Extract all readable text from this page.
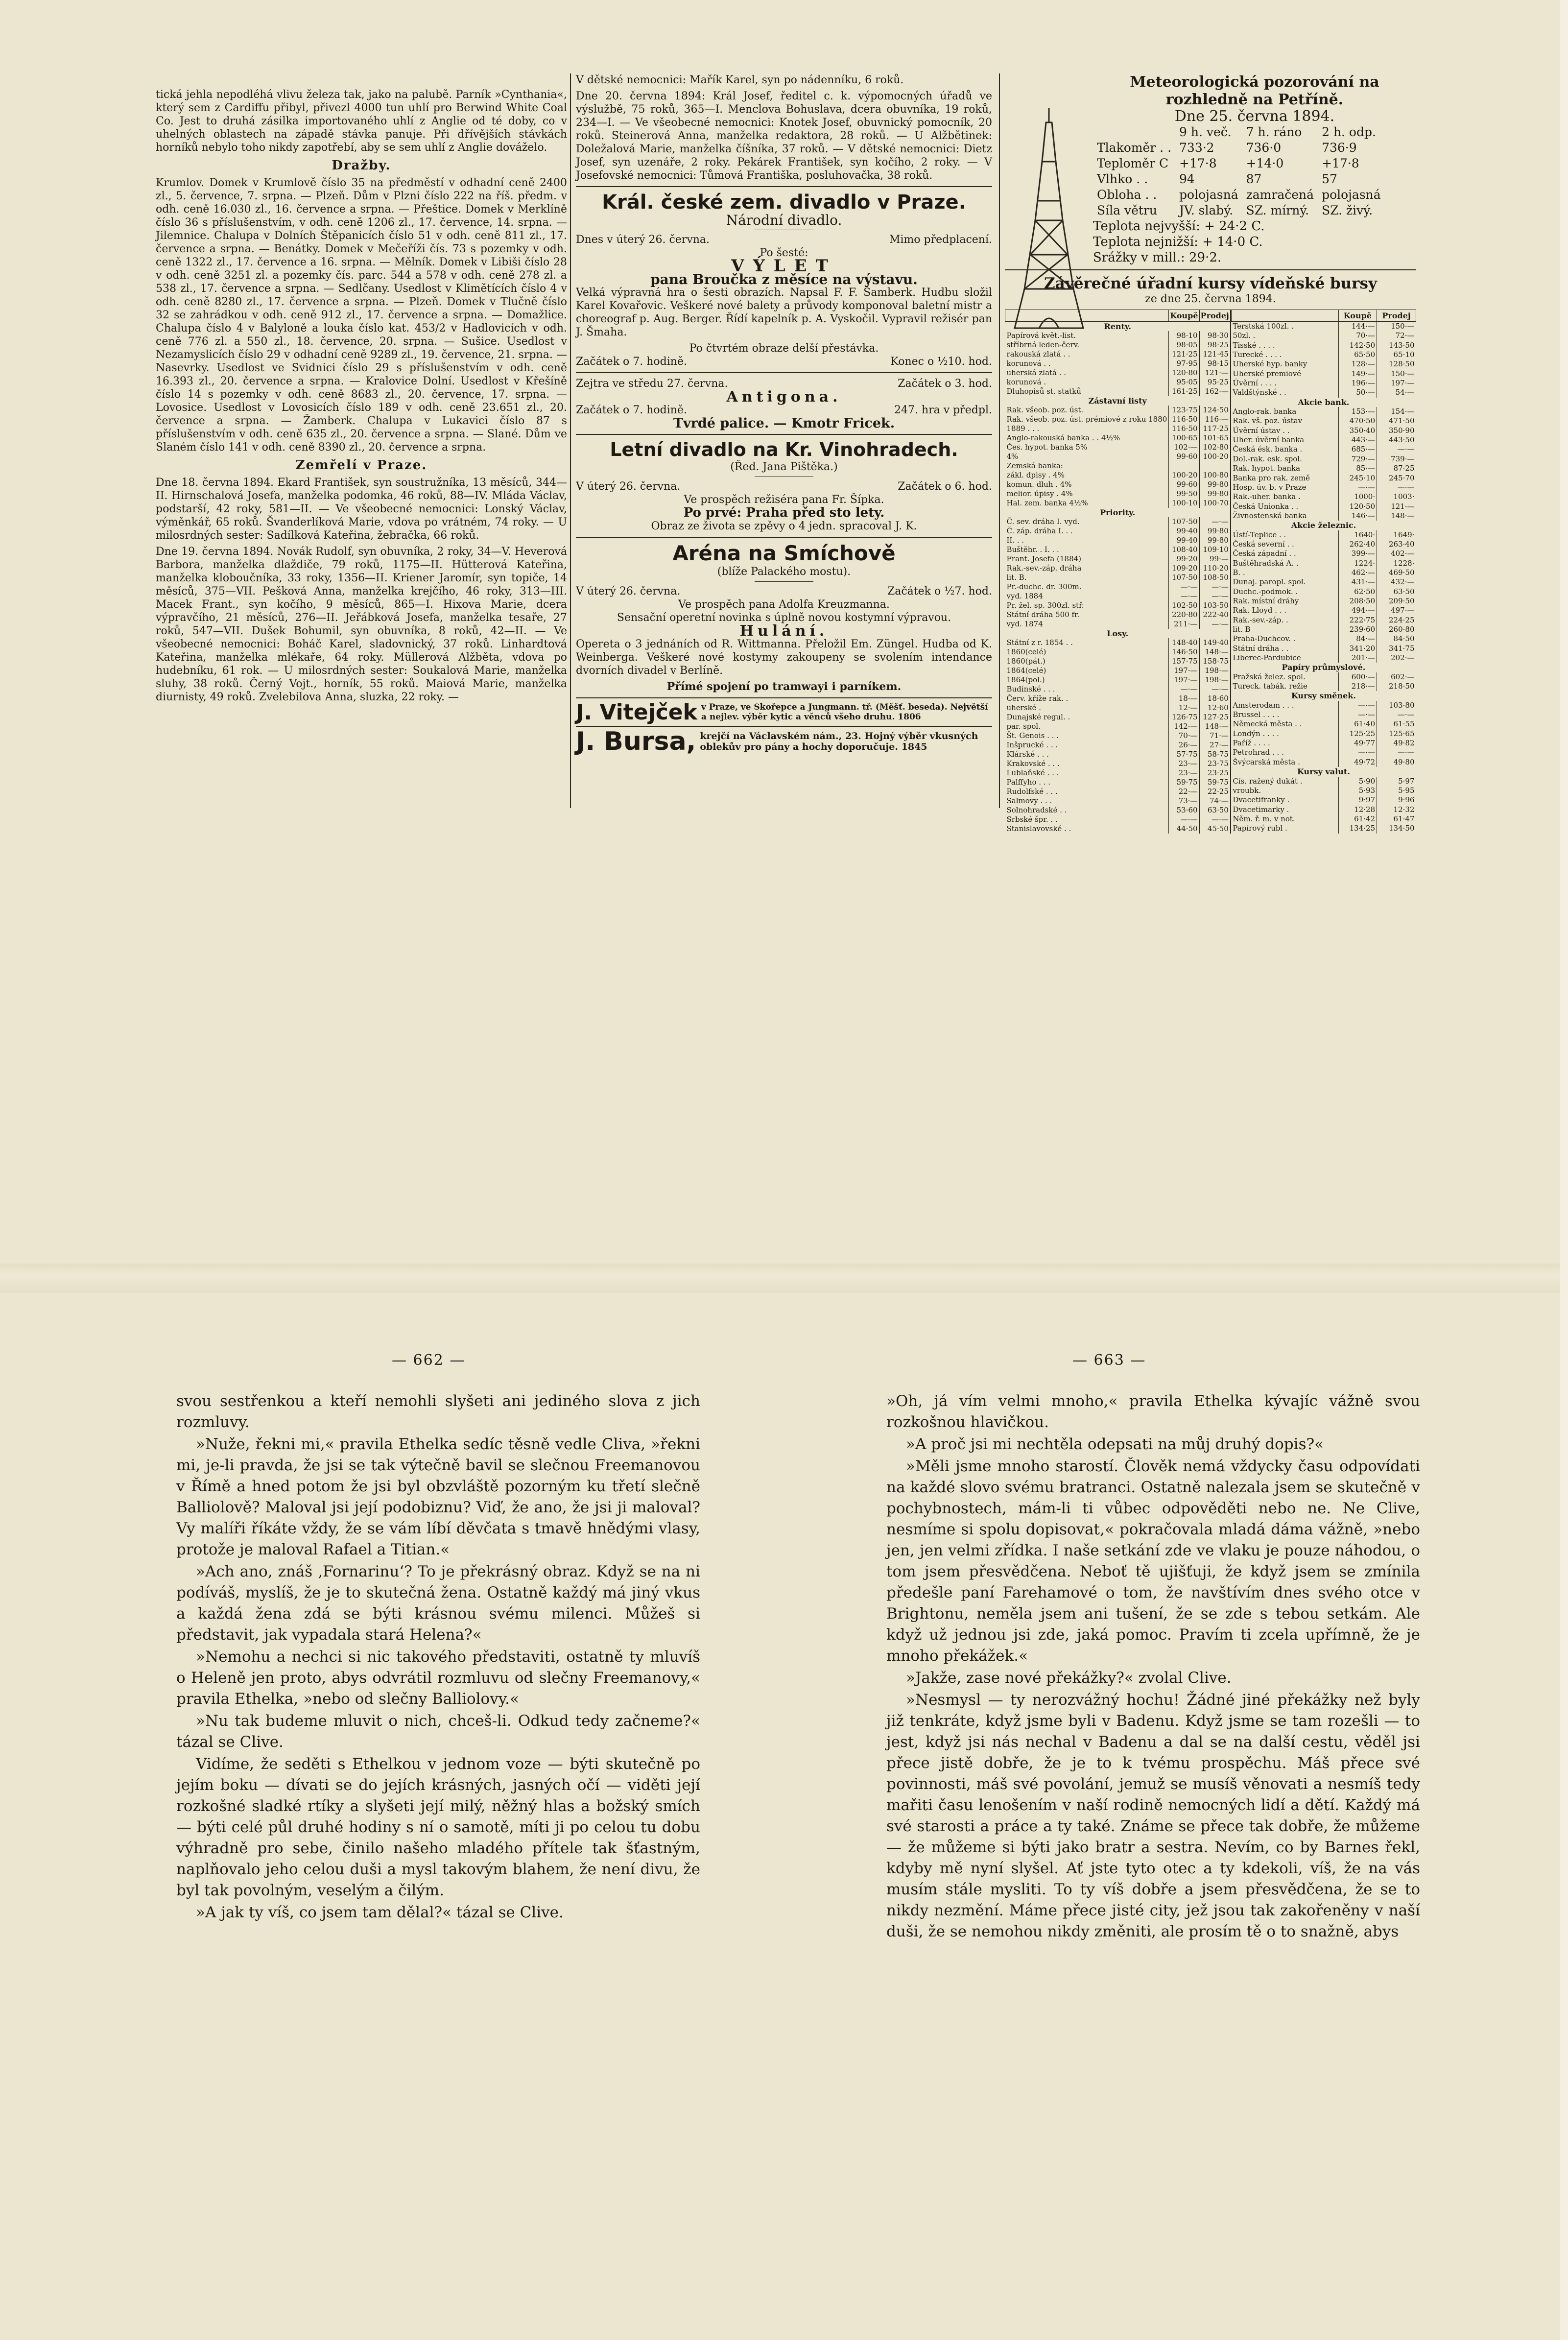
tická jehla nepodléhá vlivu železa tak, jako na palubě. Parník »Cynthania«, který sem z Cardiffu přibyl, přivezl 4000 tun uhlí pro Berwind White Coal Co. Jest to druhá zásilka importovaného uhlí z Anglie od té doby, co v uhelných oblastech na západě stávka panuje. Při dřívějších stávkách horníků nebylo toho nikdy zapotřebí, aby se sem uhlí z Anglie dováželo.

Dražby.

Krumlov. Domek v Krumlově číslo 35 na předměstí v odhadní ceně 2400 zl., 5. července, 7. srpna. — Plzeň. Dům v Plzni číslo 222 na říš. předm. v odh. ceně 16.030 zl., 16. července a srpna. — Přeštice. Domek v Merklíně číslo 36 s příslušenstvím, v odh. ceně 1206 zl., 17. července, 14. srpna. — Jilemnice. Chalupa v Dolních Štěpanicích číslo 51 v odh. ceně 811 zl., 17. července a srpna. — Benátky. Domek v Mečeříži čís. 73 s pozemky v odh. ceně 1322 zl., 17. července a 16. srpna. — Mělník. Domek v Libiši číslo 28 v odh. ceně 3251 zl. a pozemky čís. parc. 544 a 578 v odh. ceně 278 zl. a 538 zl., 17. července a srpna. — Sedlčany. Usedlost v Klimětících číslo 4 v odh. ceně 8280 zl., 17. července a srpna. — Plzeň. Domek v Tlučně číslo 32 se zahrádkou v odh. ceně 912 zl., 17. července a srpna. — Domažlice. Chalupa číslo 4 v Balyloně a louka číslo kat. 453/2 v Hadlovicích v odh. ceně 776 zl. a 550 zl., 18. července, 20. srpna. — Sušice. Usedlost v Nezamyslicích číslo 29 v odhadní ceně 9289 zl., 19. července, 21. srpna. — Nasevrky. Usedlost ve Svidnici číslo 29 s příslušenstvím v odh. ceně 16.393 zl., 20. července a srpna. — Kralovice Dolní. Usedlost v Křešíně číslo 14 s pozemky v odh. ceně 8683 zl., 20. července, 17. srpna. — Lovosice. Usedlost v Lovosicích číslo 189 v odh. ceně 23.651 zl., 20. července a srpna. — Žamberk. Chalupa v Lukavici číslo 87 s příslušenstvím v odh. ceně 635 zl., 20. července a srpna. — Slané. Dům ve Slaném číslo 141 v odh. ceně 8390 zl., 20. července a srpna.

Zemřelí v Praze.

Dne 18. června 1894. Ekard František, syn soustružníka, 13 měsíců, 344—II. Hirnschalová Josefa, manželka podomka, 46 roků, 88—IV. Mláda Václav, podstarší, 42 roky, 581—II. — Ve všeobecné nemocnici: Lonský Václav, výměnkář, 65 roků. Švanderlíková Marie, vdova po vrátném, 74 roky. — U milosrdných sester: Sadílková Kateřina, žebračka, 66 roků.

Dne 19. června 1894. Novák Rudolf, syn obuvníka, 2 roky, 34—V. Heverová Barbora, manželka dlaždiče, 79 roků, 1175—II. Hütterová Kateřina, manželka kloboučníka, 33 roky, 1356—II. Kriener Jaromír, syn topiče, 14 měsíců, 375—VII. Pešková Anna, manželka krejčího, 46 roky, 313—III. Macek Frant., syn kočího, 9 měsíců, 865—I. Hixova Marie, dcera výpravčího, 21 měsíců, 276—II. Jeřábková Josefa, manželka tesaře, 27 roků, 547—VII. Dušek Bohumil, syn obuvníka, 8 roků, 42—II. — Ve všeobecné nemocnici: Boháč Karel, sladovnický, 37 roků. Linhardtová Kateřina, manželka mlékaře, 64 roky. Müllerová Alžběta, vdova po hudebníku, 61 rok. — U milosrdných sester: Soukalová Marie, manželka sluhy, 38 roků. Černý Vojt., horník, 55 roků. Maiová Marie, manželka diurnisty, 49 roků. Zvelebilova Anna, sluzka, 22 roky. —

V dětské nemocnici: Mařík Karel, syn po nádenníku, 6 roků.

Dne 20. června 1894: Král Josef, ředitel c. k. výpomocných úřadů ve výslužbě, 75 roků, 365—I. Menclova Bohuslava, dcera obuvníka, 19 roků, 234—I. — Ve všeobecné nemocnici: Knotek Josef, obuvnický pomocník, 20 roků. Steinerová Anna, manželka redaktora, 28 roků. — U Alžbětinek: Doležalová Marie, manželka číšníka, 37 roků. — V dětské nemocnici: Dietz Josef, syn uzenáře, 2 roky. Pekárek František, syn kočího, 2 roky. — V Josefovské nemocnici: Tůmová Františka, posluhovačka, 38 roků.

Král. české zem. divadlo v Praze.
Národní divadlo.
Dnes v úterý 26. června.	Mimo předplacení.
Po šesté:
VÝLET
pana Broučka z měsíce na výstavu.

Velká výpravná hra o šesti obrazích. Napsal F. F. Šamberk. Hudbu složil Karel Kovařovic. Veškeré nové balety a průvody komponoval baletní mistr a choreograf p. Aug. Berger. Řídí kapelník p. A. Vyskočil. Vypravil režisér pan J. Šmaha.

Po čtvrtém obraze delší přestávka.
Začátek o 7. hodině.	Konec o ½10. hod.
Zejtra ve středu 27. června.	Začátek o 3. hod.
Antigona.
Začátek o 7. hodině.	247. hra v předpl.
Tvrdé palice. — Kmotr Fricek.
Letní divadlo na Kr. Vinohradech.
(Řed. Jana Pištěka.)
V úterý 26. června.	Začátek o 6. hod.
Ve prospěch režiséra pana Fr. Šípka.
Po prvé: Praha před sto lety.
Obraz ze života se zpěvy o 4 jedn. spracoval J. K.
Aréna na Smíchově
(blíže Palackého mostu).
V úterý 26. června.	Začátek o ½7. hod.
Ve prospěch pana Adolfa Kreuzmanna.
Sensační operetní novinka s úplně novou kostymní výpravou.
Hulání.

Opereta o 3 jednáních od R. Wittmanna. Přeložil Em. Züngel. Hudba od K. Weinberga. Veškeré nové kostymy zakoupeny se svolením intendance dvorních divadel v Berlíně.

Přímé spojení po tramwayi i parníkem.
J. Vitejček v Praze, ve Skořepce a Jungmann. tř. (Měšť. beseda). Největší a nejlev. výběr kytic a věnců všeho druhu. 1806
J. Bursa, krejčí na Václavském nám., 23. Hojný výběr vkusných oblekův pro pány a hochy doporučuje. 1845
Meteorologická pozorování na rozhledně na Petříně.
Dne 25. června 1894.
	9 h. več.	7 h. ráno	2 h. odp.
Tlakoměr . .	733·2	736·0	736·9
Teploměr C	+17·8	+14·0	+17·8
Vlhko . .	94	87	57
Obloha . .	polojasná	zamračená	polojasná
Síla větru	JV. slabý.	SZ. mírný.	SZ. živý.
Teplota nejvyšší: + 24·2 C.
Teplota nejnižší: + 14·0 C.
Srážky v mill.: 29·2.
Závěrečné úřadní kursy vídeňské bursy
ze dne 25. června 1894.
	Koupě	Prodej
Renty.		
Papírová květ.-list.	98·10	98·30
stříbrná leden-červ.	98·05	98·25
rakouská zlatá . .	121·25	121·45
korunová . .	97·95	98·15
uherská zlatá . .	120·80	121·—
korunová .	95·05	95·25
Dluhopisů st. statků	161·25	162·—
Zástavní listy		
Rak. všeob. poz. úst.	123·75	124·50
Rak. všeob. poz. úst. prémiové z roku 1880	116·50	116·—
1889 . . .	116·50	117·25
Anglo-rakouská banka . . 4½%	100·65	101·65
Čes. hypot. banka 5%	102·—	102·80
4%	99·60	100·20
Zemská banka:		
zákl. dpisy . 4%	100·20	100·80
komun. dluh . 4%	99·60	99·80
melior. úpisy . 4%	99·50	99·80
Hal. zem. banka 4½%	100·10	100·70
Priority.		
Č. sev. dráha I. vyd.	107·50	—·—
Č. záp. dráha I. . .	99·40	99·80
II. . .	99·40	99·80
Buštěhr. . I. . .	108·40	109·10
Frant. Josefa (1884)	99·20	99·—
Rak.-sev.-záp. dráha	109·20	110·20
lit. B.	107·50	108·50
Pr.-duchc. dr. 300m.	—·—	—·—
vyd. 1884	—·—	—·—
Pr. žel. sp. 300zl. stř.	102·50	103·50
Státní dráha 500 fr.	220·80	222·40
vyd. 1874	211·—	—·—
Losy.		
Státní z r. 1854 . .	148·40	149·40
1860(celé)	146·50	148·—
1860(pát.)	157·75	158·75
1864(celé)	197·—	198·—
1864(pol.)	197·—	198·—
Budínské . . .	—·—	—·—
Červ. kříže rak. .	18·—	18·60
uherské .	12·—	12·60
Dunajské regul. .	126·75	127·25
par. spol.	142·—	148·—
Št. Genois . . .	70·—	71·—
Inšprucké . . .	26·—	27·—
Klárské . . .	57·75	58·75
Krakovské . . .	23·—	23·75
Lublaňské . . .	23·—	23·25
Palffyho . . .	59·75	59·75
Rudolfské . . .	22·—	22·25
Salmovy . . .	73·—	74·—
Solnohradské . .	53·60	63·50
Srbské špr. . .	—·—	—·—
Stanislavovské . .	44·50	45·50
	Koupě	Prodej
Terstská 100zl. .	144·—	150·—
50zl. .	70·—	72·—
Tisské . . . .	142·50	143·50
Turecké . . . .	65·50	65·10
Uherské hyp. banky	128·—	128·50
Uherské premiové	149·—	150·—
Úvěrní . . . .	196·—	197·—
Valdštýnské . .	50·—	54·—
Akcie bank.		
Anglo-rak. banka	153·—	154·—
Rak. vš. poz. ústav	470·50	471·50
Úvěrní ústav . .	350·40	350·90
Uher. úvěrní banka	443·—	443·50
Česká ésk. banka .	685·—	—·—
Dol.-rak. esk. spol.	729·—	739·—
Rak. hypot. banka	85·—	87·25
Banka pro rak. země	245·10	245·70
Hosp. úv. b. v Praze	—·—	—·—
Rak.-uher. banka .	1000·	1003·
Česká Unionka . .	120·50	121·—
Živnostenská banka	146·—	148·—
Akcie železnic.		
Ústí-Teplice . .	1640·	1649·
Česká severní . .	262·40	263·40
Česká západní . .	399·—	402·—
Buštěhradská A. .	1224·	1228·
B. .	462·—	469·50
Dunaj. paropl. spol.	431·—	432·—
Duchc.-podmok. .	62·50	63·50
Rak. místní dráhy	208·50	209·50
Rak. Lloyd . . .	494·—	497·—
Rak.-sev.-záp. .	222·75	224·25
lit. B	239·60	260·80
Praha-Duchcov. .	84·—	84·50
Státní dráha . .	341·20	341·75
Liberec-Pardubice	201·—	202·—
Papíry průmyslové.		
Pražská želez. spol.	600·—	602·—
Tureck. tabák. režie	218·—	218·50
Kursy směnek.		
Amsterodam . . .	—·—	103·80
Brussel . . . .	—·—	—·—
Německá města . .	61·40	61·55
Londýn . . . .	125·25	125·65
Paříž . . . .	49·77	49·82
Petrohrad . . .	—·—	—·—
Švýcarská města .	49·72	49·80
Kursy valut.		
Cís. ražený dukát .	5·90	5·97
vroubk.	5·93	5·95
Dvacetifranky .	9·97	9·96
Dvacetimarky .	12·28	12·32
Něm. ř. m. v not.	61·42	61·47
Papírový rubl .	134·25	134·50
— 662 —	— 663 —

svou sestřenkou a kteří nemohli slyšeti ani jediného slova z jich rozmluvy.

»Nuže, řekni mi,« pravila Ethelka sedíc těsně vedle Cliva, »řekni mi, je-li pravda, že jsi se tak výtečně bavil se slečnou Freemanovou v Římě a hned potom že jsi byl obzvláště pozorným ku třetí slečně Balliolově? Maloval jsi její podobiznu? Viď, že ano, že jsi ji maloval? Vy malíři říkáte vždy, že se vám líbí děvčata s tmavě hnědými vlasy, protože je maloval Rafael a Titian.«

»Ach ano, znáš ‚Fornarinu‘? To je překrásný obraz. Když se na ni podíváš, myslíš, že je to skutečná žena. Ostatně každý má jiný vkus a každá žena zdá se býti krásnou svému milenci. Můžeš si představit, jak vypadala stará Helena?«

»Nemohu a nechci si nic takového představiti, ostatně ty mluvíš o Heleně jen proto, abys odvrátil rozmluvu od slečny Freemanovy,« pravila Ethelka, »nebo od slečny Balliolovy.«

»Nu tak budeme mluvit o nich, chceš-li. Odkud tedy začneme?« tázal se Clive.

Vidíme, že seděti s Ethelkou v jednom voze — býti skutečně po jejím boku — dívati se do jejích krásných, jasných očí — viděti její rozkošné sladké rtíky a slyšeti její milý, něžný hlas a božský smích — býti celé půl druhé hodiny s ní o samotě, míti ji po celou tu dobu výhradně pro sebe, činilo našeho mladého přítele tak šťastným, naplňovalo jeho celou duši a mysl takovým blahem, že není divu, že byl tak povolným, veselým a čilým.

»A jak ty víš, co jsem tam dělal?« tázal se Clive.

»Oh, já vím velmi mnoho,« pravila Ethelka kývajíc vážně svou rozkošnou hlavičkou.

»A proč jsi mi nechtěla odepsati na můj druhý dopis?«

»Měli jsme mnoho starostí. Člověk nemá vždycky času odpovídati na každé slovo svému bratranci. Ostatně nalezala jsem se skutečně v pochybnostech, mám-li ti vůbec odpověděti nebo ne. Ne Clive, nesmíme si spolu dopisovat,« pokračovala mladá dáma vážně, »nebo jen, jen velmi zřídka. I naše setkání zde ve vlaku je pouze náhodou, o tom jsem přesvědčena. Neboť tě ujišťuji, že když jsem se zmínila předešle paní Farehamové o tom, že navštívím dnes svého otce v Brightonu, neměla jsem ani tušení, že se zde s tebou setkám. Ale když už jednou jsi zde, jaká pomoc. Pravím ti zcela upřímně, že je mnoho překážek.«

»Jakže, zase nové překážky?« zvolal Clive.

»Nesmysl — ty nerozvážný hochu! Žádné jiné překážky než byly již tenkráte, když jsme byli v Badenu. Když jsme se tam rozešli — to jest, když jsi nás nechal v Badenu a dal se na další cestu, věděl jsi přece jistě dobře, že je to k tvému prospěchu. Máš přece své povinnosti, máš své povolání, jemuž se musíš věnovati a nesmíš tedy mařiti času lenošením v naší rodině nemocných lidí a dětí. Každý má své starosti a práce a ty také. Známe se přece tak dobře, že můžeme — že můžeme si býti jako bratr a sestra. Nevím, co by Barnes řekl, kdyby mě nyní slyšel. Ať jste tyto otec a ty kdekoli, víš, že na vás musím stále mysliti. To ty víš dobře a jsem přesvědčena, že se to nikdy nezmění. Máme přece jisté city, jež jsou tak zakořeněny v naší duši, že se nemohou nikdy změniti, ale prosím tě o to snažně, abys
